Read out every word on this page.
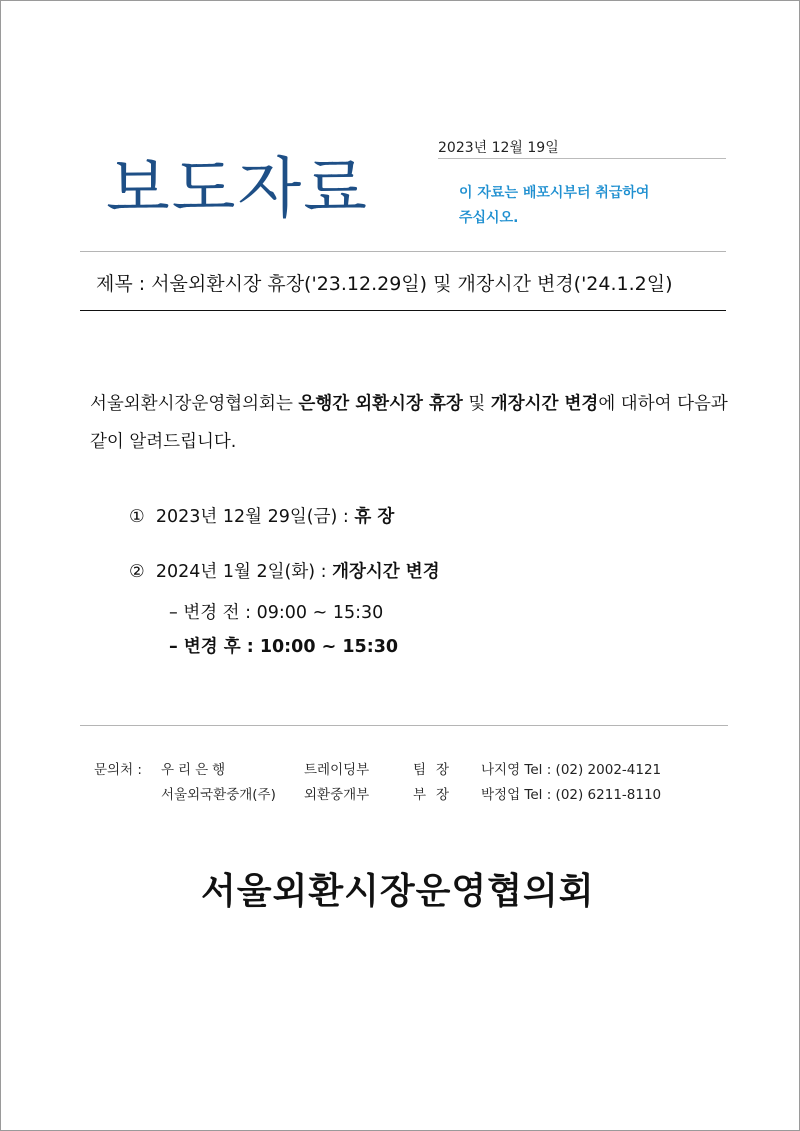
2023년 12월 19일
보도자료	이 자료는 배포시부터 취급하여
주십시오.
제목 : 서울외환시장 휴장('23.12.29일) 및 개장시간 변경('24.1.2일)
서울외환시장운영협의회는 은행간 외환시장 휴장 및 개장시간 변경에 대하여 다음과 같이 알려드립니다.
① 2023년 12월 29일(금) : 휴 장
② 2024년 1월 2일(화) : 개장시간 변경
– 변경 전 : 09:00 ~ 15:30
– 변경 후 : 10:00 ~ 15:30
문의처 : 우리은행	트레이딩부	팀장 나지영 Tel : (02) 2002-4121
서울외국환중개(주) 외환중개부	부장 박정업 Tel : (02) 6211-8110
서울외환시장운영협의회
